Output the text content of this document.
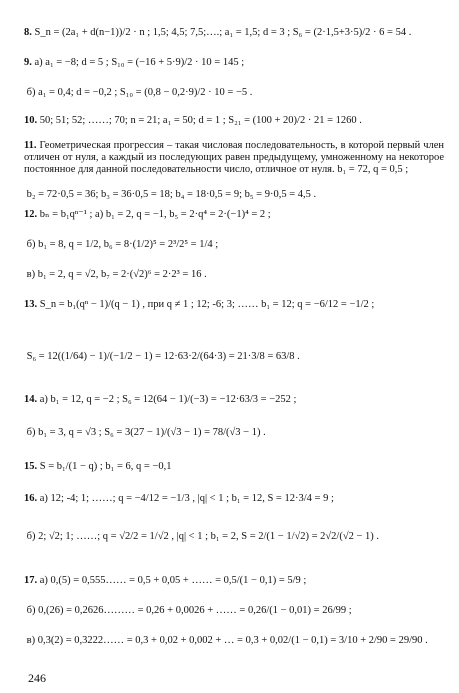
8. S_n = (2a₁ + d(n−1))/2 · n ; 1,5; 4,5; 7,5;….; a₁ = 1,5; d = 3 ; S₆ = (2·1,5+3·5)/2 · 6 = 54 .
9. а) a₁ = −8; d = 5 ; S₁₀ = (−16 + 5·9)/2 · 10 = 145 ;
б) a₁ = 0,4; d = −0,2 ; S₁₀ = (0,8 − 0,2·9)/2 · 10 = −5 .
10. 50; 51; 52; ……; 70; n = 21; a₁ = 50; d = 1 ; S₂₁ = (100 + 20)/2 · 21 = 1260 .
11. Геометрическая прогрессия – такая числовая последовательность, в которой первый член отличен от нуля, а каждый из последующих равен предыдущему, умноженному на некоторое постоянное для данной последовательности число, отличное от нуля. b₁ = 72, q = 0,5 ;
b₂ = 72·0,5 = 36; b₃ = 36·0,5 = 18; b₄ = 18·0,5 = 9; b₅ = 9·0,5 = 4,5 .
12. bₙ = b₁qⁿ⁻¹ ; а) b₁ = 2, q = −1, b₅ = 2·q⁴ = 2·(−1)⁴ = 2 ;
б) b₁ = 8, q = 1/2, b₆ = 8·(1/2)⁵ = 2³/2⁵ = 1/4 ;
в) b₁ = 2, q = √2, b₇ = 2·(√2)⁶ = 2·2³ = 16 .
13. S_n = b₁(qⁿ − 1)/(q − 1) , при q ≠ 1 ; 12; -6; 3; …… b₁ = 12; q = −6/12 = −1/2 ;
S₆ = 12((1/64) − 1)/(−1/2 − 1) = 12·63·2/(64·3) = 21·3/8 = 63/8 .
14. а) b₁ = 12, q = −2 ; S₆ = 12(64 − 1)/(−3) = −12·63/3 = −252 ;
б) b₁ = 3, q = √3 ; S₆ = 3(27 − 1)/(√3 − 1) = 78/(√3 − 1) .
15. S = b₁/(1 − q) ; b₁ = 6, q = −0,1
16. а) 12; -4; 1; ……; q = −4/12 = −1/3 , |q| < 1 ; b₁ = 12, S = 12·3/4 = 9 ;
б) 2; √2; 1; ……; q = √2/2 = 1/√2 , |q| < 1 ; b₁ = 2, S = 2/(1 − 1/√2) = 2√2/(√2 − 1) .
17. а) 0,(5) = 0,555…… = 0,5 + 0,05 + …… = 0,5/(1 − 0,1) = 5/9 ;
б) 0,(26) = 0,2626……… = 0,26 + 0,0026 + …… = 0,26/(1 − 0,01) = 26/99 ;
в) 0,3(2) = 0,3222…… = 0,3 + 0,02 + 0,002 + … = 0,3 + 0,02/(1 − 0,1) = 3/10 + 2/90 = 29/90 .
246
